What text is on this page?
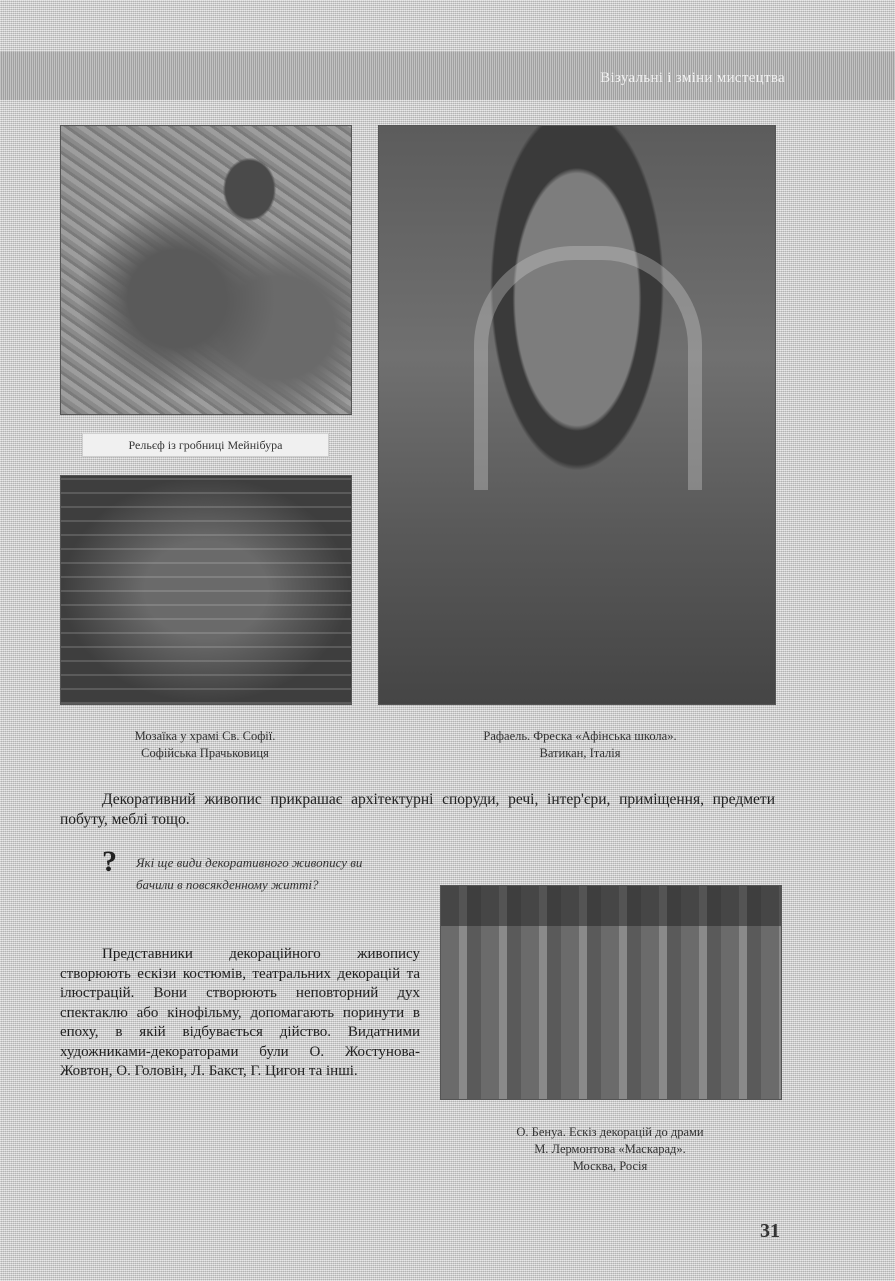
Візуальні і зміни мистецтва
Рельєф із гробниці Мейнібура
Мозаїка у храмі Св. Софії.
Софійська Прачьковиця
Рафаель. Фреска «Афінська школа».
Ватикан, Італія
Декоративний живопис прикрашає архітектурні споруди, речі, інтер'єри, приміщення, предмети побуту, меблі тощо.
? Які ще види декоративного живопису ви бачили в повсякденному житті?
Представники декораційного живопису створюють ескізи костюмів, театральних декорацій та ілюстрацій. Вони створюють неповторний дух спектаклю або кінофільму, допомагають поринути в епоху, в якій відбувається дійство. Видатними художниками-декораторами були О. Жостунова-Жовтон, О. Головін, Л. Бакст, Г. Цигон та інші.
О. Бенуа. Ескіз декорацій до драми
М. Лермонтова «Маскарад».
Москва, Росія
31
